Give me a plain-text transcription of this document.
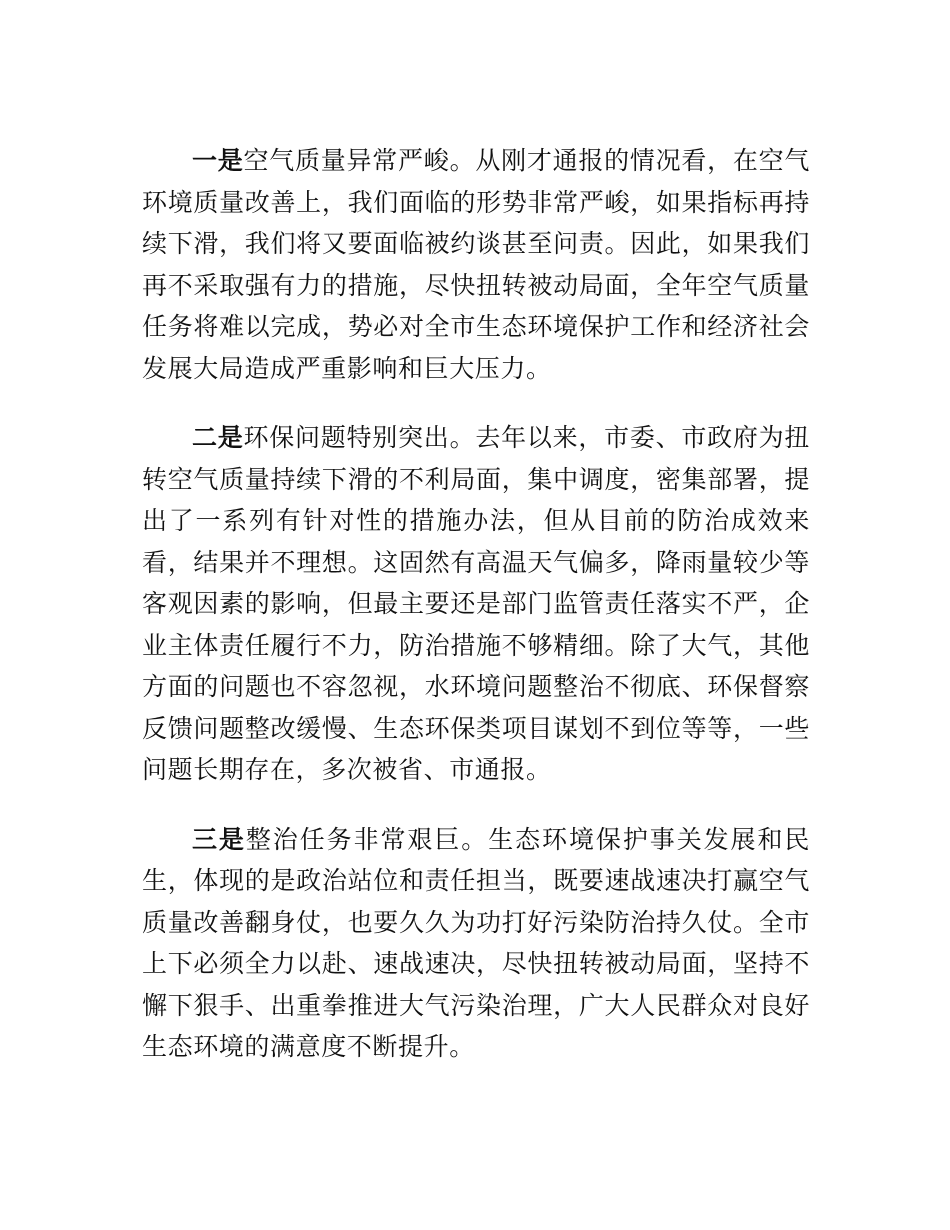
一是空气质量异常严峻。从刚才通报的情况看，在空气环境质量改善上，我们面临的形势非常严峻，如果指标再持续下滑，我们将又要面临被约谈甚至问责。因此，如果我们再不采取强有力的措施，尽快扭转被动局面，全年空气质量任务将难以完成，势必对全市生态环境保护工作和经济社会发展大局造成严重影响和巨大压力。

二是环保问题特别突出。去年以来，市委、市政府为扭转空气质量持续下滑的不利局面，集中调度，密集部署，提出了一系列有针对性的措施办法，但从目前的防治成效来看，结果并不理想。这固然有高温天气偏多，降雨量较少等客观因素的影响，但最主要还是部门监管责任落实不严，企业主体责任履行不力，防治措施不够精细。除了大气，其他方面的问题也不容忽视，水环境问题整治不彻底、环保督察反馈问题整改缓慢、生态环保类项目谋划不到位等等，一些问题长期存在，多次被省、市通报。

三是整治任务非常艰巨。生态环境保护事关发展和民生，体现的是政治站位和责任担当，既要速战速决打赢空气质量改善翻身仗，也要久久为功打好污染防治持久仗。全市上下必须全力以赴、速战速决，尽快扭转被动局面，坚持不懈下狠手、出重拳推进大气污染治理，广大人民群众对良好生态环境的满意度不断提升。
